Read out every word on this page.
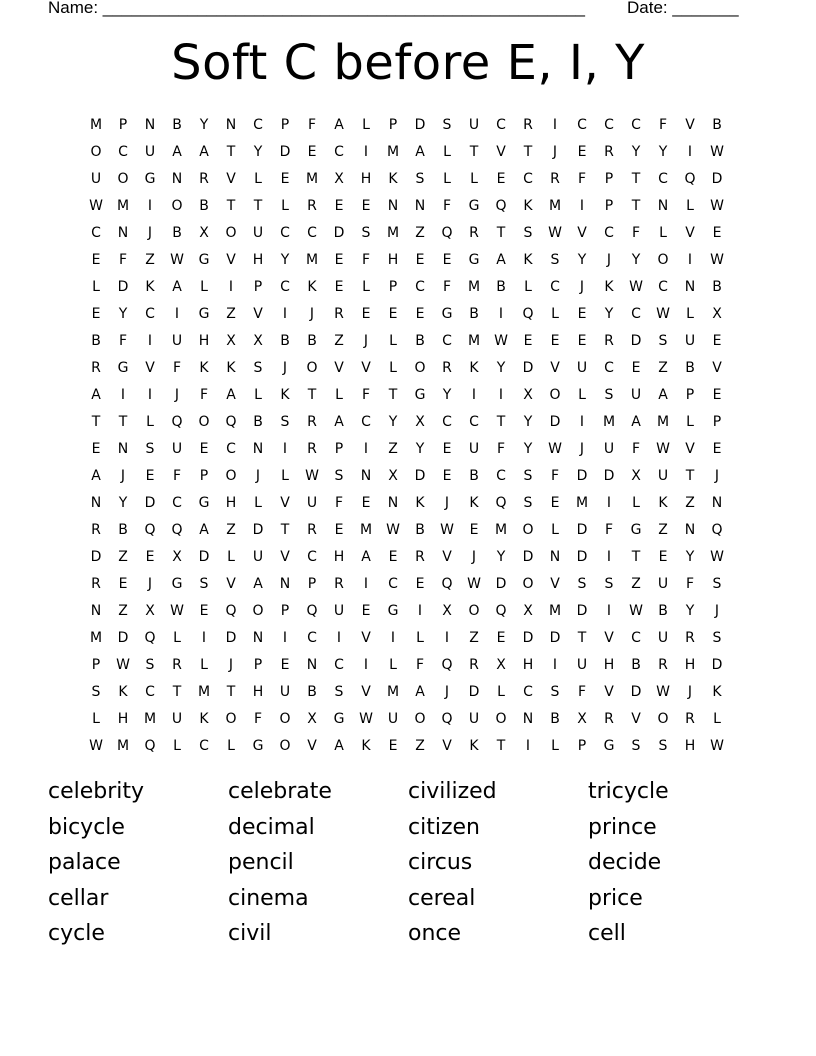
Name: ___________________________________________________ Date: _______
Soft C before E, I, Y
M	P	N	B	Y	N	C	P	F	A	L	P	D	S	U	C	R	I	C	C	C	F	V	B
O	C	U	A	A	T	Y	D	E	C	I	M	A	L	T	V	T	J	E	R	Y	Y	I	W
U	O	G	N	R	V	L	E	M	X	H	K	S	L	L	E	C	R	F	P	T	C	Q	D
W	M	I	O	B	T	T	L	R	E	E	N	N	F	G	Q	K	M	I	P	T	N	L	W
C	N	J	B	X	O	U	C	C	D	S	M	Z	Q	R	T	S	W	V	C	F	L	V	E
E	F	Z	W	G	V	H	Y	M	E	F	H	E	E	G	A	K	S	Y	J	Y	O	I	W
L	D	K	A	L	I	P	C	K	E	L	P	C	F	M	B	L	C	J	K	W	C	N	B
E	Y	C	I	G	Z	V	I	J	R	E	E	E	G	B	I	Q	L	E	Y	C	W	L	X
B	F	I	U	H	X	X	B	B	Z	J	L	B	C	M	W	E	E	E	R	D	S	U	E
R	G	V	F	K	K	S	J	O	V	V	L	O	R	K	Y	D	V	U	C	E	Z	B	V
A	I	I	J	F	A	L	K	T	L	F	T	G	Y	I	I	X	O	L	S	U	A	P	E
T	T	L	Q	O	Q	B	S	R	A	C	Y	X	C	C	T	Y	D	I	M	A	M	L	P
E	N	S	U	E	C	N	I	R	P	I	Z	Y	E	U	F	Y	W	J	U	F	W	V	E
A	J	E	F	P	O	J	L	W	S	N	X	D	E	B	C	S	F	D	D	X	U	T	J
N	Y	D	C	G	H	L	V	U	F	E	N	K	J	K	Q	S	E	M	I	L	K	Z	N
R	B	Q	Q	A	Z	D	T	R	E	M	W	B	W	E	M	O	L	D	F	G	Z	N	Q
D	Z	E	X	D	L	U	V	C	H	A	E	R	V	J	Y	D	N	D	I	T	E	Y	W
R	E	J	G	S	V	A	N	P	R	I	C	E	Q	W	D	O	V	S	S	Z	U	F	S
N	Z	X	W	E	Q	O	P	Q	U	E	G	I	X	O	Q	X	M	D	I	W	B	Y	J
M	D	Q	L	I	D	N	I	C	I	V	I	L	I	Z	E	D	D	T	V	C	U	R	S
P	W	S	R	L	J	P	E	N	C	I	L	F	Q	R	X	H	I	U	H	B	R	H	D
S	K	C	T	M	T	H	U	B	S	V	M	A	J	D	L	C	S	F	V	D	W	J	K
L	H	M	U	K	O	F	O	X	G	W	U	O	Q	U	O	N	B	X	R	V	O	R	L
W	M	Q	L	C	L	G	O	V	A	K	E	Z	V	K	T	I	L	P	G	S	S	H	W
celebrity	celebrate	civilized	tricycle
bicycle	decimal	citizen	prince
palace	pencil	circus	decide
cellar	cinema	cereal	price
cycle	civil	once	cell
